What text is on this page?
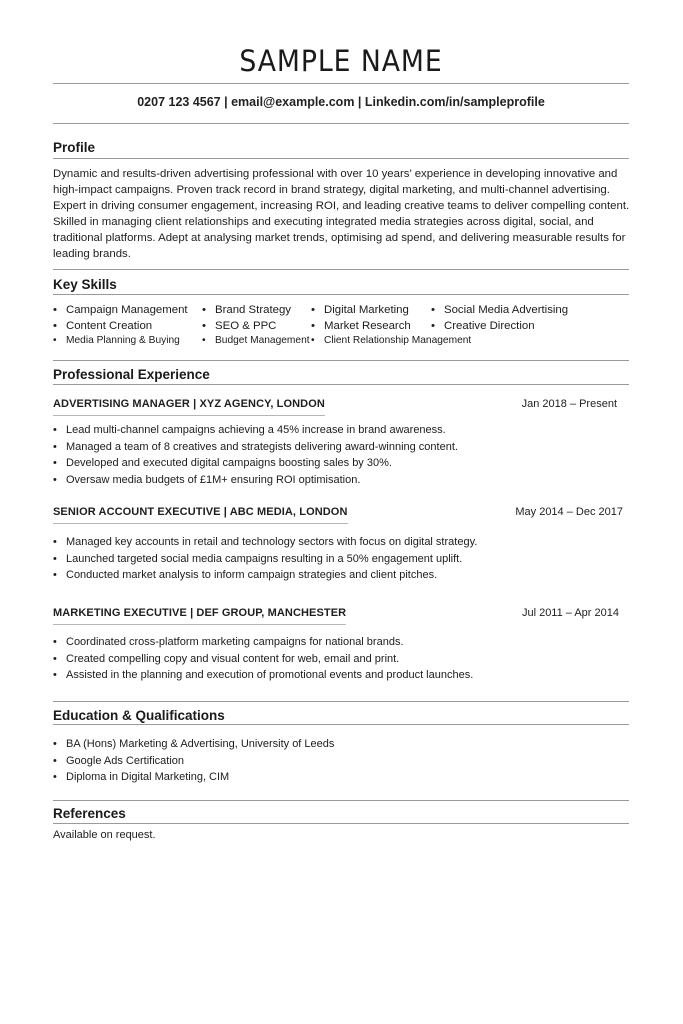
SAMPLE NAME
0207 123 4567 | email@example.com | Linkedin.com/in/sampleprofile
Profile
Dynamic and results-driven advertising professional with over 10 years’ experience in developing innovative and high-impact campaigns. Proven track record in brand strategy, digital marketing, and multi-channel advertising. Expert in driving consumer engagement, increasing ROI, and leading creative teams to deliver compelling content. Skilled in managing client relationships and executing integrated media strategies across digital, social, and traditional platforms. Adept at analysing market trends, optimising ad spend, and delivering measurable results for leading brands.
Key Skills
• Campaign Management	• Brand Strategy	• Digital Marketing	• Social Media Advertising
• Content Creation	• SEO & PPC	• Market Research	• Creative Direction
• Media Planning & Buying	• Budget Management	• Client Relationship Management
Professional Experience
ADVERTISING MANAGER | XYZ AGENCY, LONDON	Jan 2018 – Present
• Lead multi-channel campaigns achieving a 45% increase in brand awareness.
• Managed a team of 8 creatives and strategists delivering award-winning content.
• Developed and executed digital campaigns boosting sales by 30%.
• Oversaw media budgets of £1M+ ensuring ROI optimisation.
SENIOR ACCOUNT EXECUTIVE | ABC MEDIA, LONDON	May 2014 – Dec 2017
• Managed key accounts in retail and technology sectors with focus on digital strategy.
• Launched targeted social media campaigns resulting in a 50% engagement uplift.
• Conducted market analysis to inform campaign strategies and client pitches.
MARKETING EXECUTIVE | DEF GROUP, MANCHESTER	Jul 2011 – Apr 2014
• Coordinated cross-platform marketing campaigns for national brands.
• Created compelling copy and visual content for web, email and print.
• Assisted in the planning and execution of promotional events and product launches.
Education & Qualifications
• BA (Hons) Marketing & Advertising, University of Leeds
• Google Ads Certification
• Diploma in Digital Marketing, CIM
References
Available on request.
